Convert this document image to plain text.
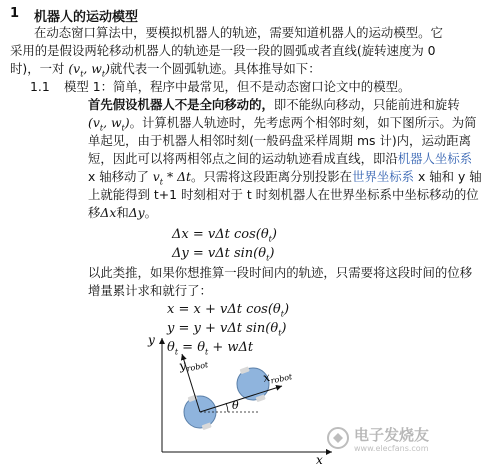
1 机器人的运动模型
在动态窗口算法中，要模拟机器人的轨迹，需要知道机器人的运动模型。它
采用的是假设两轮移动机器人的轨迹是一段一段的圆弧或者直线(旋转速度为 0
时)，一对 ($v_t$, $w_t$)就代表一个圆弧轨迹。具体推导如下：
1.1 模型 1：简单，程序中最常见，但不是动态窗口论文中的模型。
首先假设机器人不是全向移动的，即不能纵向移动，只能前进和旋转
($v_t$, $w_t$)。计算机器人轨迹时，先考虑两个相邻时刻，如下图所示。为简
单起见，由于机器人相邻时刻(一般码盘采样周期 ms 计)内，运动距离
短，因此可以将两相邻点之间的运动轨迹看成直线，即沿机器人坐标系
x 轴移动了 $v_t$ * Δt。只需将这段距离分别投影在世界坐标系 x 轴和 y 轴
上就能得到 t+1 时刻相对于 t 时刻机器人在世界坐标系中坐标移动的位
移Δx和Δy。
Δx = vΔt $\cos(\theta_t)$
Δy = vΔt $\sin(\theta_t)$
以此类推，如果你想推算一段时间内的轨迹，只需要将这段时间的位移
增量累计求和就行了：
x = x + vΔt $\cos(\theta_t)$
y = y + vΔt $\sin(\theta_t)$
$\theta_t = \theta_t + w\Delta t$
y
x
θ
$y_{robot}$
$x_{robot}$
电子发烧友
www.elecfans.com
